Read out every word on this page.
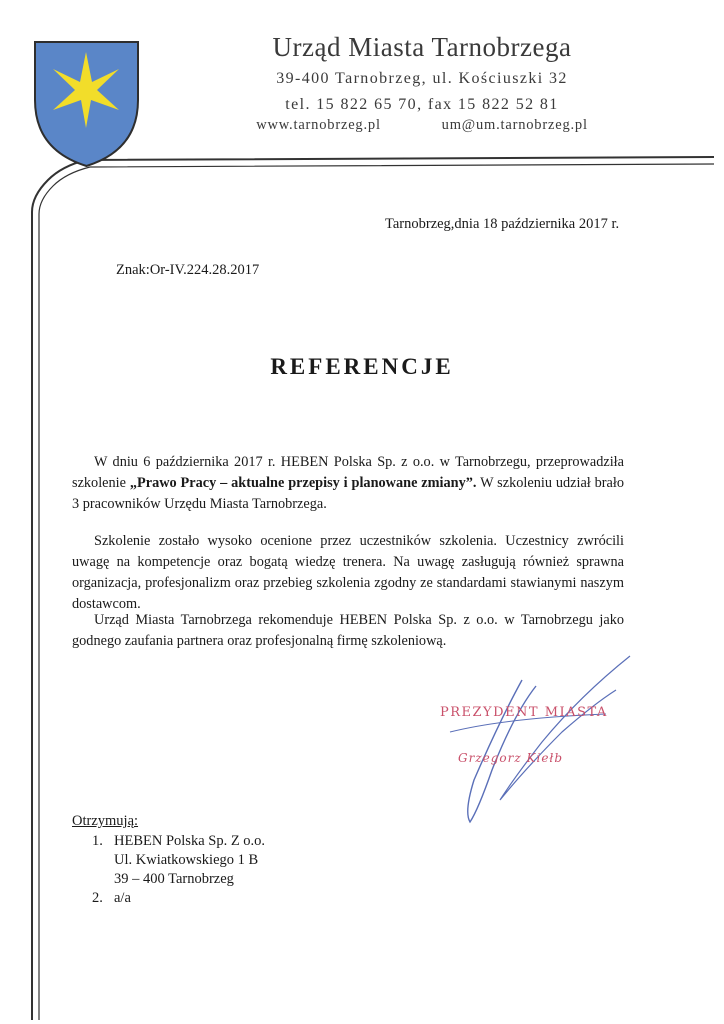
Urząd Miasta Tarnobrzega
39-400 Tarnobrzeg, ul. Kościuszki 32
tel. 15 822 65 70, fax 15 822 52 81
www.tarnobrzeg.pl	um@um.tarnobrzeg.pl
Tarnobrzeg,dnia 18 października 2017 r.
Znak:Or-IV.224.28.2017
REFERENCJE
W dniu 6 października 2017 r. HEBEN Polska Sp. z o.o. w Tarnobrzegu, przeprowadziła szkolenie „Prawo Pracy – aktualne przepisy i planowane zmiany”. W szkoleniu udział brało 3 pracowników Urzędu Miasta Tarnobrzega.
Szkolenie zostało wysoko ocenione przez uczestników szkolenia. Uczestnicy zwrócili uwagę na kompetencje oraz bogatą wiedzę trenera. Na uwagę zasługują również sprawna organizacja, profesjonalizm oraz przebieg szkolenia zgodny ze standardami stawianymi naszym dostawcom.
Urząd Miasta Tarnobrzega rekomenduje HEBEN Polska Sp. z o.o. w Tarnobrzegu jako godnego zaufania partnera oraz profesjonalną firmę szkoleniową.
PREZYDENT MIASTA
Grzegorz Kiełb
Otrzymują:
1. HEBEN Polska Sp. Z o.o.
Ul. Kwiatkowskiego 1 B
39 – 400 Tarnobrzeg
2. a/a
